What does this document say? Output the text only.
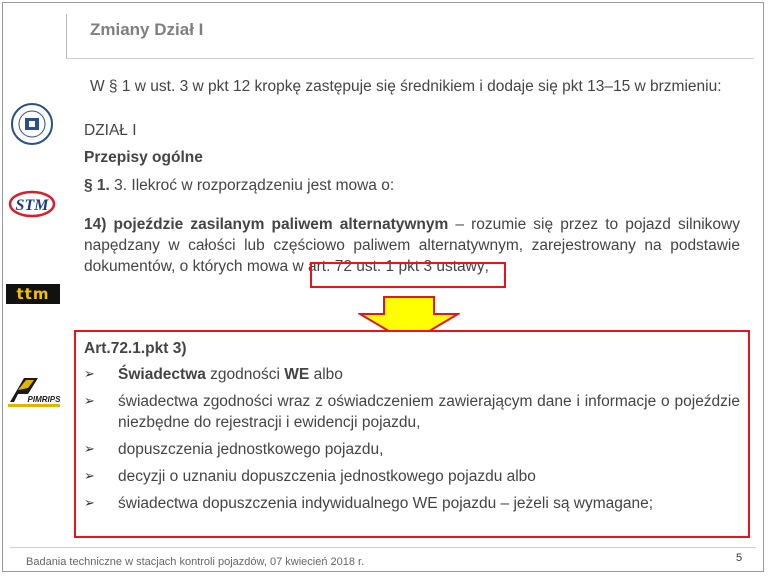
Zmiany Dział I
STM
ttm
PIMRIPS
W § 1 w ust. 3 w pkt 12 kropkę zastępuje się średnikiem i dodaje się pkt 13–15 w brzmieniu:
DZIAŁ I
Przepisy ogólne
§ 1. 3. Ilekroć w rozporządzeniu jest mowa o:
14) pojeździe zasilanym paliwem alternatywnym – rozumie się przez to pojazd silnikowy napędzany w całości lub częściowo paliwem alternatywnym, zarejestrowany na podstawie dokumentów, o których mowa w art. 72 ust. 1 pkt 3 ustawy;
Art.72.1.pkt 3)
➢ Świadectwa zgodności WE albo
➢ świadectwa zgodności wraz z oświadczeniem zawierającym dane i informacje o pojeździe niezbędne do rejestracji i ewidencji pojazdu,
➢ dopuszczenia jednostkowego pojazdu,
➢ decyzji o uznaniu dopuszczenia jednostkowego pojazdu albo
➢ świadectwa dopuszczenia indywidualnego WE pojazdu – jeżeli są wymagane;
Badania techniczne w stacjach kontroli pojazdów, 07 kwiecień 2018 r.	5
